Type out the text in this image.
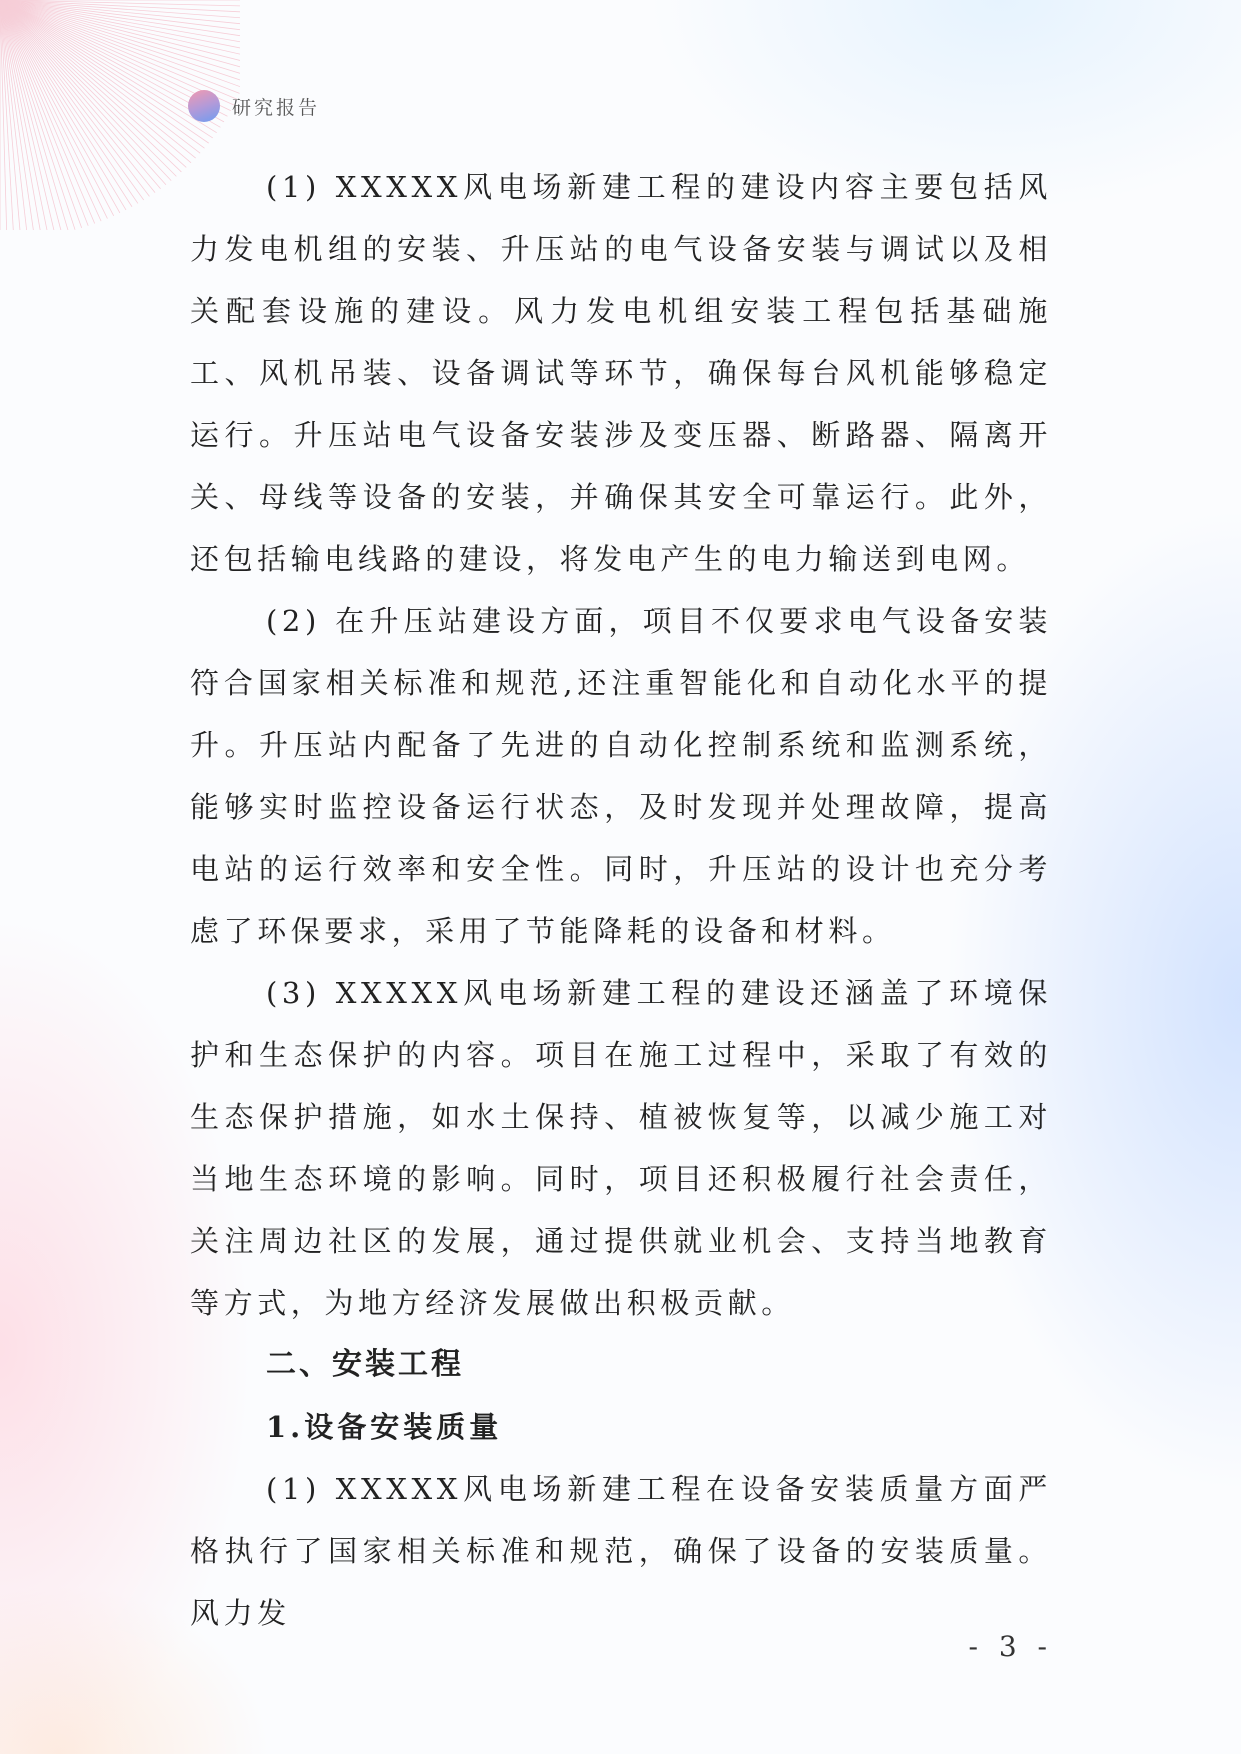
研究报告

(1) XXXXX风电场新建工程的建设内容主要包括风力发电机组的安装、升压站的电气设备安装与调试以及相关配套设施的建设。风力发电机组安装工程包括基础施工、风机吊装、设备调试等环节，确保每台风机能够稳定运行。升压站电气设备安装涉及变压器、断路器、隔离开关、母线等设备的安装，并确保其安全可靠运行。此外，还包括输电线路的建设，将发电产生的电力输送到电网。

(2) 在升压站建设方面，项目不仅要求电气设备安装符合国家相关标准和规范,还注重智能化和自动化水平的提升。升压站内配备了先进的自动化控制系统和监测系统，能够实时监控设备运行状态，及时发现并处理故障，提高电站的运行效率和安全性。同时，升压站的设计也充分考虑了环保要求，采用了节能降耗的设备和材料。

(3) XXXXX风电场新建工程的建设还涵盖了环境保护和生态保护的内容。项目在施工过程中，采取了有效的生态保护措施，如水土保持、植被恢复等，以减少施工对当地生态环境的影响。同时，项目还积极履行社会责任，关注周边社区的发展，通过提供就业机会、支持当地教育等方式，为地方经济发展做出积极贡献。

二、安装工程
1.设备安装质量

(1) XXXXX风电场新建工程在设备安装质量方面严格执行了国家相关标准和规范，确保了设备的安装质量。风力发

- 3 -
